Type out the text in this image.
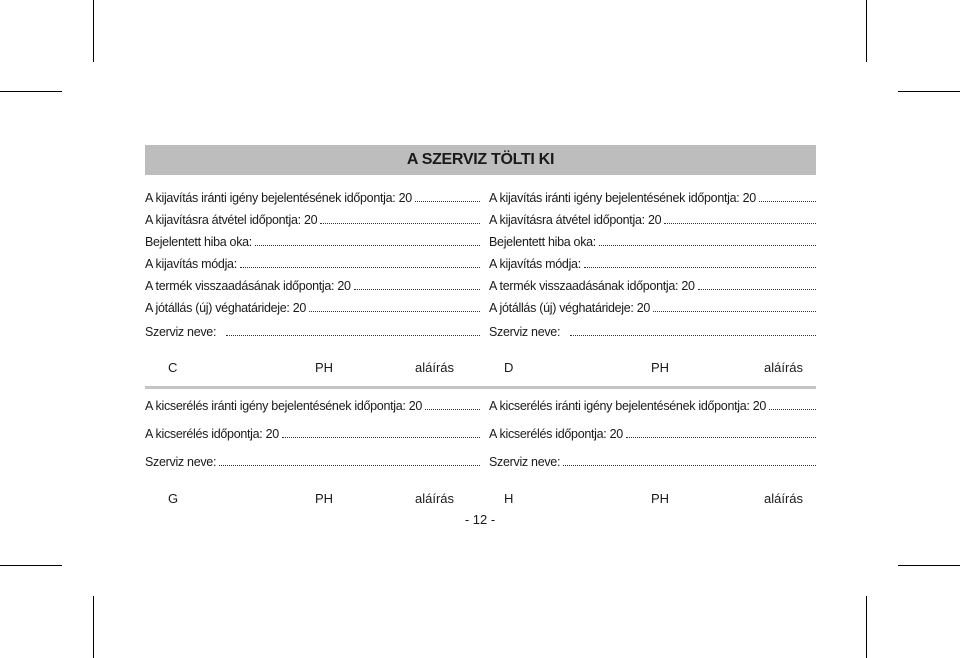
A SZERVIZ TÖLTI KI
A kijavítás iránti igény bejelentésének időpontja: 20
A kijavításra átvétel időpontja: 20
Bejelentett hiba oka:
A kijavítás módja:
A termék visszaadásának időpontja: 20
A jótállás (új) véghatárideje: 20
Szerviz neve:
A kijavítás iránti igény bejelentésének időpontja: 20
A kijavításra átvétel időpontja: 20
Bejelentett hiba oka:
A kijavítás módja:
A termék visszaadásának időpontja: 20
A jótállás (új) véghatárideje: 20
Szerviz neve:
C	PH	aláírás	D	PH	aláírás
A kicserélés iránti igény bejelentésének időpontja: 20
A kicserélés időpontja: 20
Szerviz neve:
A kicserélés iránti igény bejelentésének időpontja: 20
A kicserélés időpontja: 20
Szerviz neve:
G	PH	aláírás	H	PH	aláírás
- 12 -
